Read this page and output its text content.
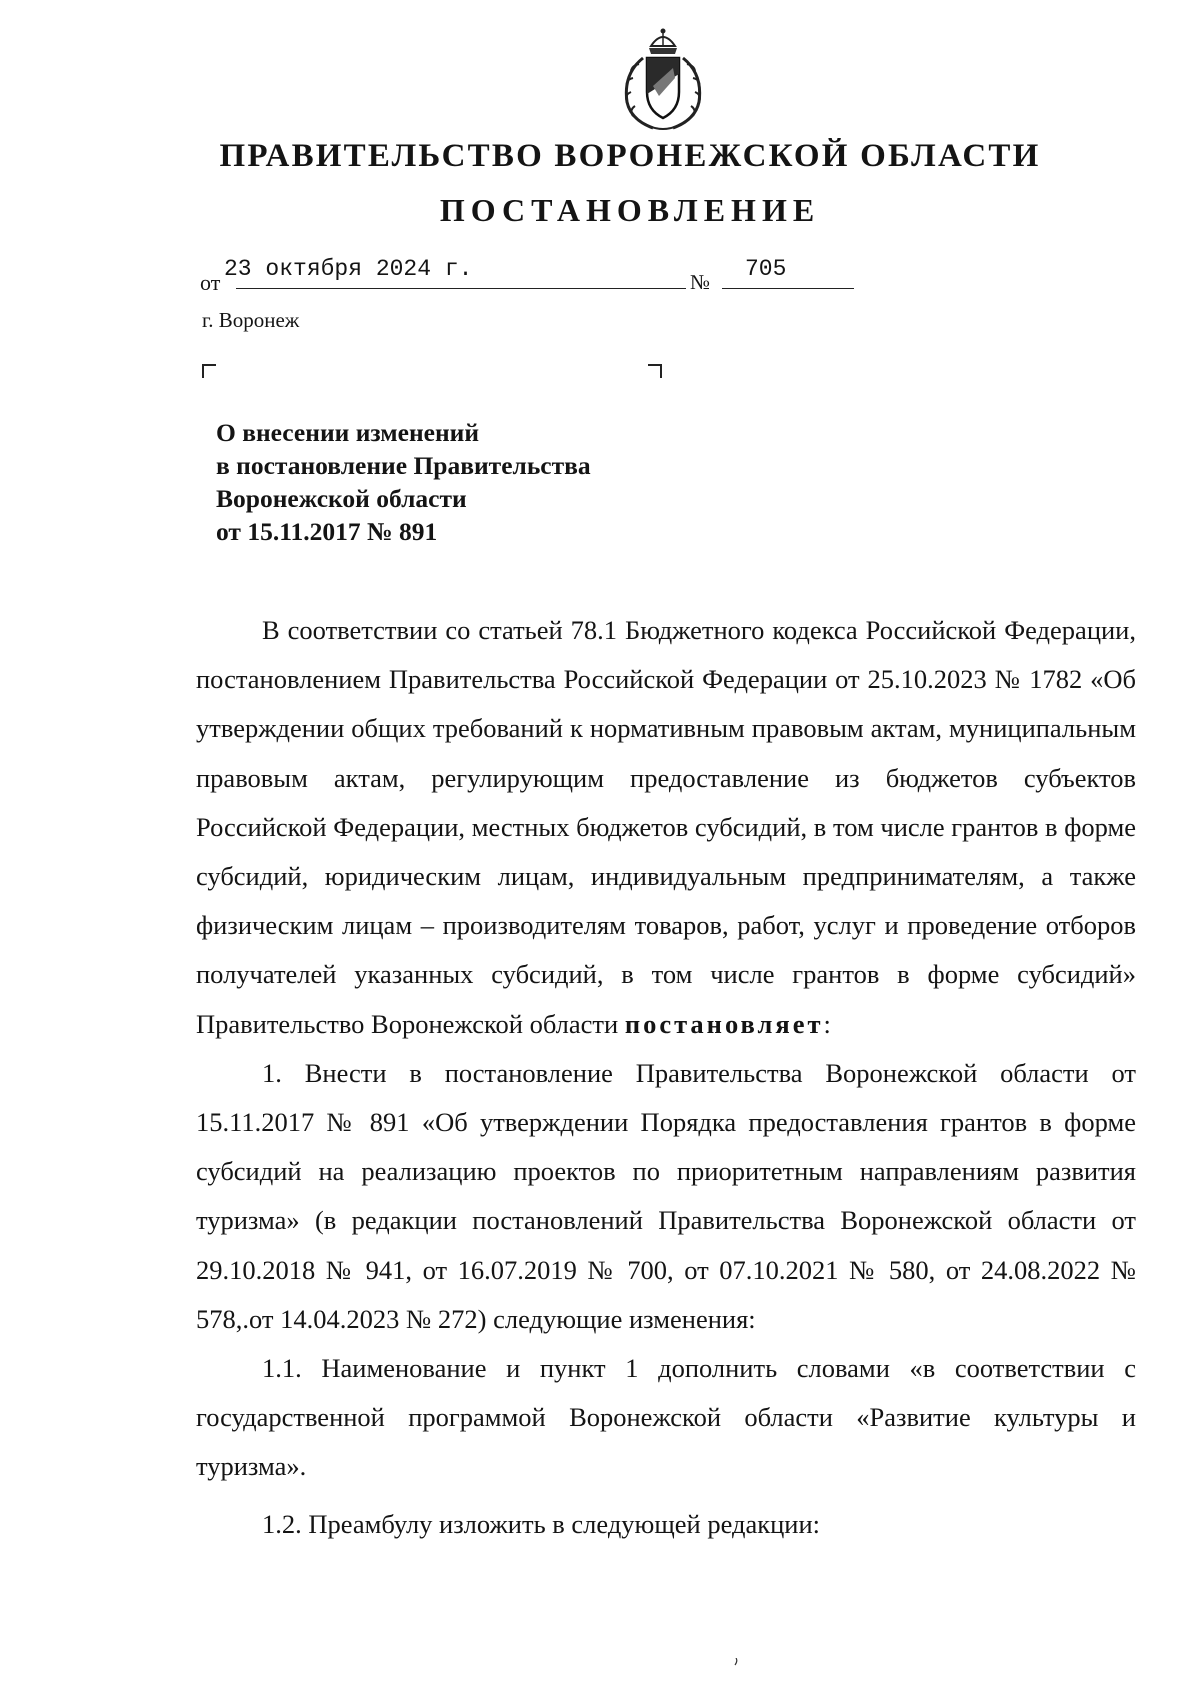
ПРАВИТЕЛЬСТВО ВОРОНЕЖСКОЙ ОБЛАСТИ
ПОСТАНОВЛЕНИЕ
от
23 октября 2024 г.	№ 705
г. Воронеж
О внесении изменений
в постановление Правительства
Воронежской области
от 15.11.2017 № 891

В соответствии со статьей 78.1 Бюджетного кодекса Российской Федерации, постановлением Правительства Российской Федерации от 25.10.2023 № 1782 «Об утверждении общих требований к нормативным правовым актам, муниципальным правовым актам, регулирующим предоставление из бюджетов субъектов Российской Федерации, местных бюджетов субсидий, в том числе грантов в форме субсидий, юридическим лицам, индивидуальным предпринимателям, а также физическим лицам – производителям товаров, работ, услуг и проведение отборов получателей указанных субсидий, в том числе грантов в форме субсидий» Правительство Воронежской области постановляет:

1. Внести в постановление Правительства Воронежской области от 15.11.2017 № 891 «Об утверждении Порядка предоставления грантов в форме субсидий на реализацию проектов по приоритетным направлениям развития туризма» (в редакции постановлений Правительства Воронежской области от 29.10.2018 № 941, от 16.07.2019 № 700, от 07.10.2021 № 580, от 24.08.2022 № 578,.от 14.04.2023 № 272) следующие изменения:

1.1. Наименование и пункт 1 дополнить словами «в соответствии с государственной программой Воронежской области «Развитие культуры и туризма».

1.2. Преамбулу изложить в следующей редакции:
